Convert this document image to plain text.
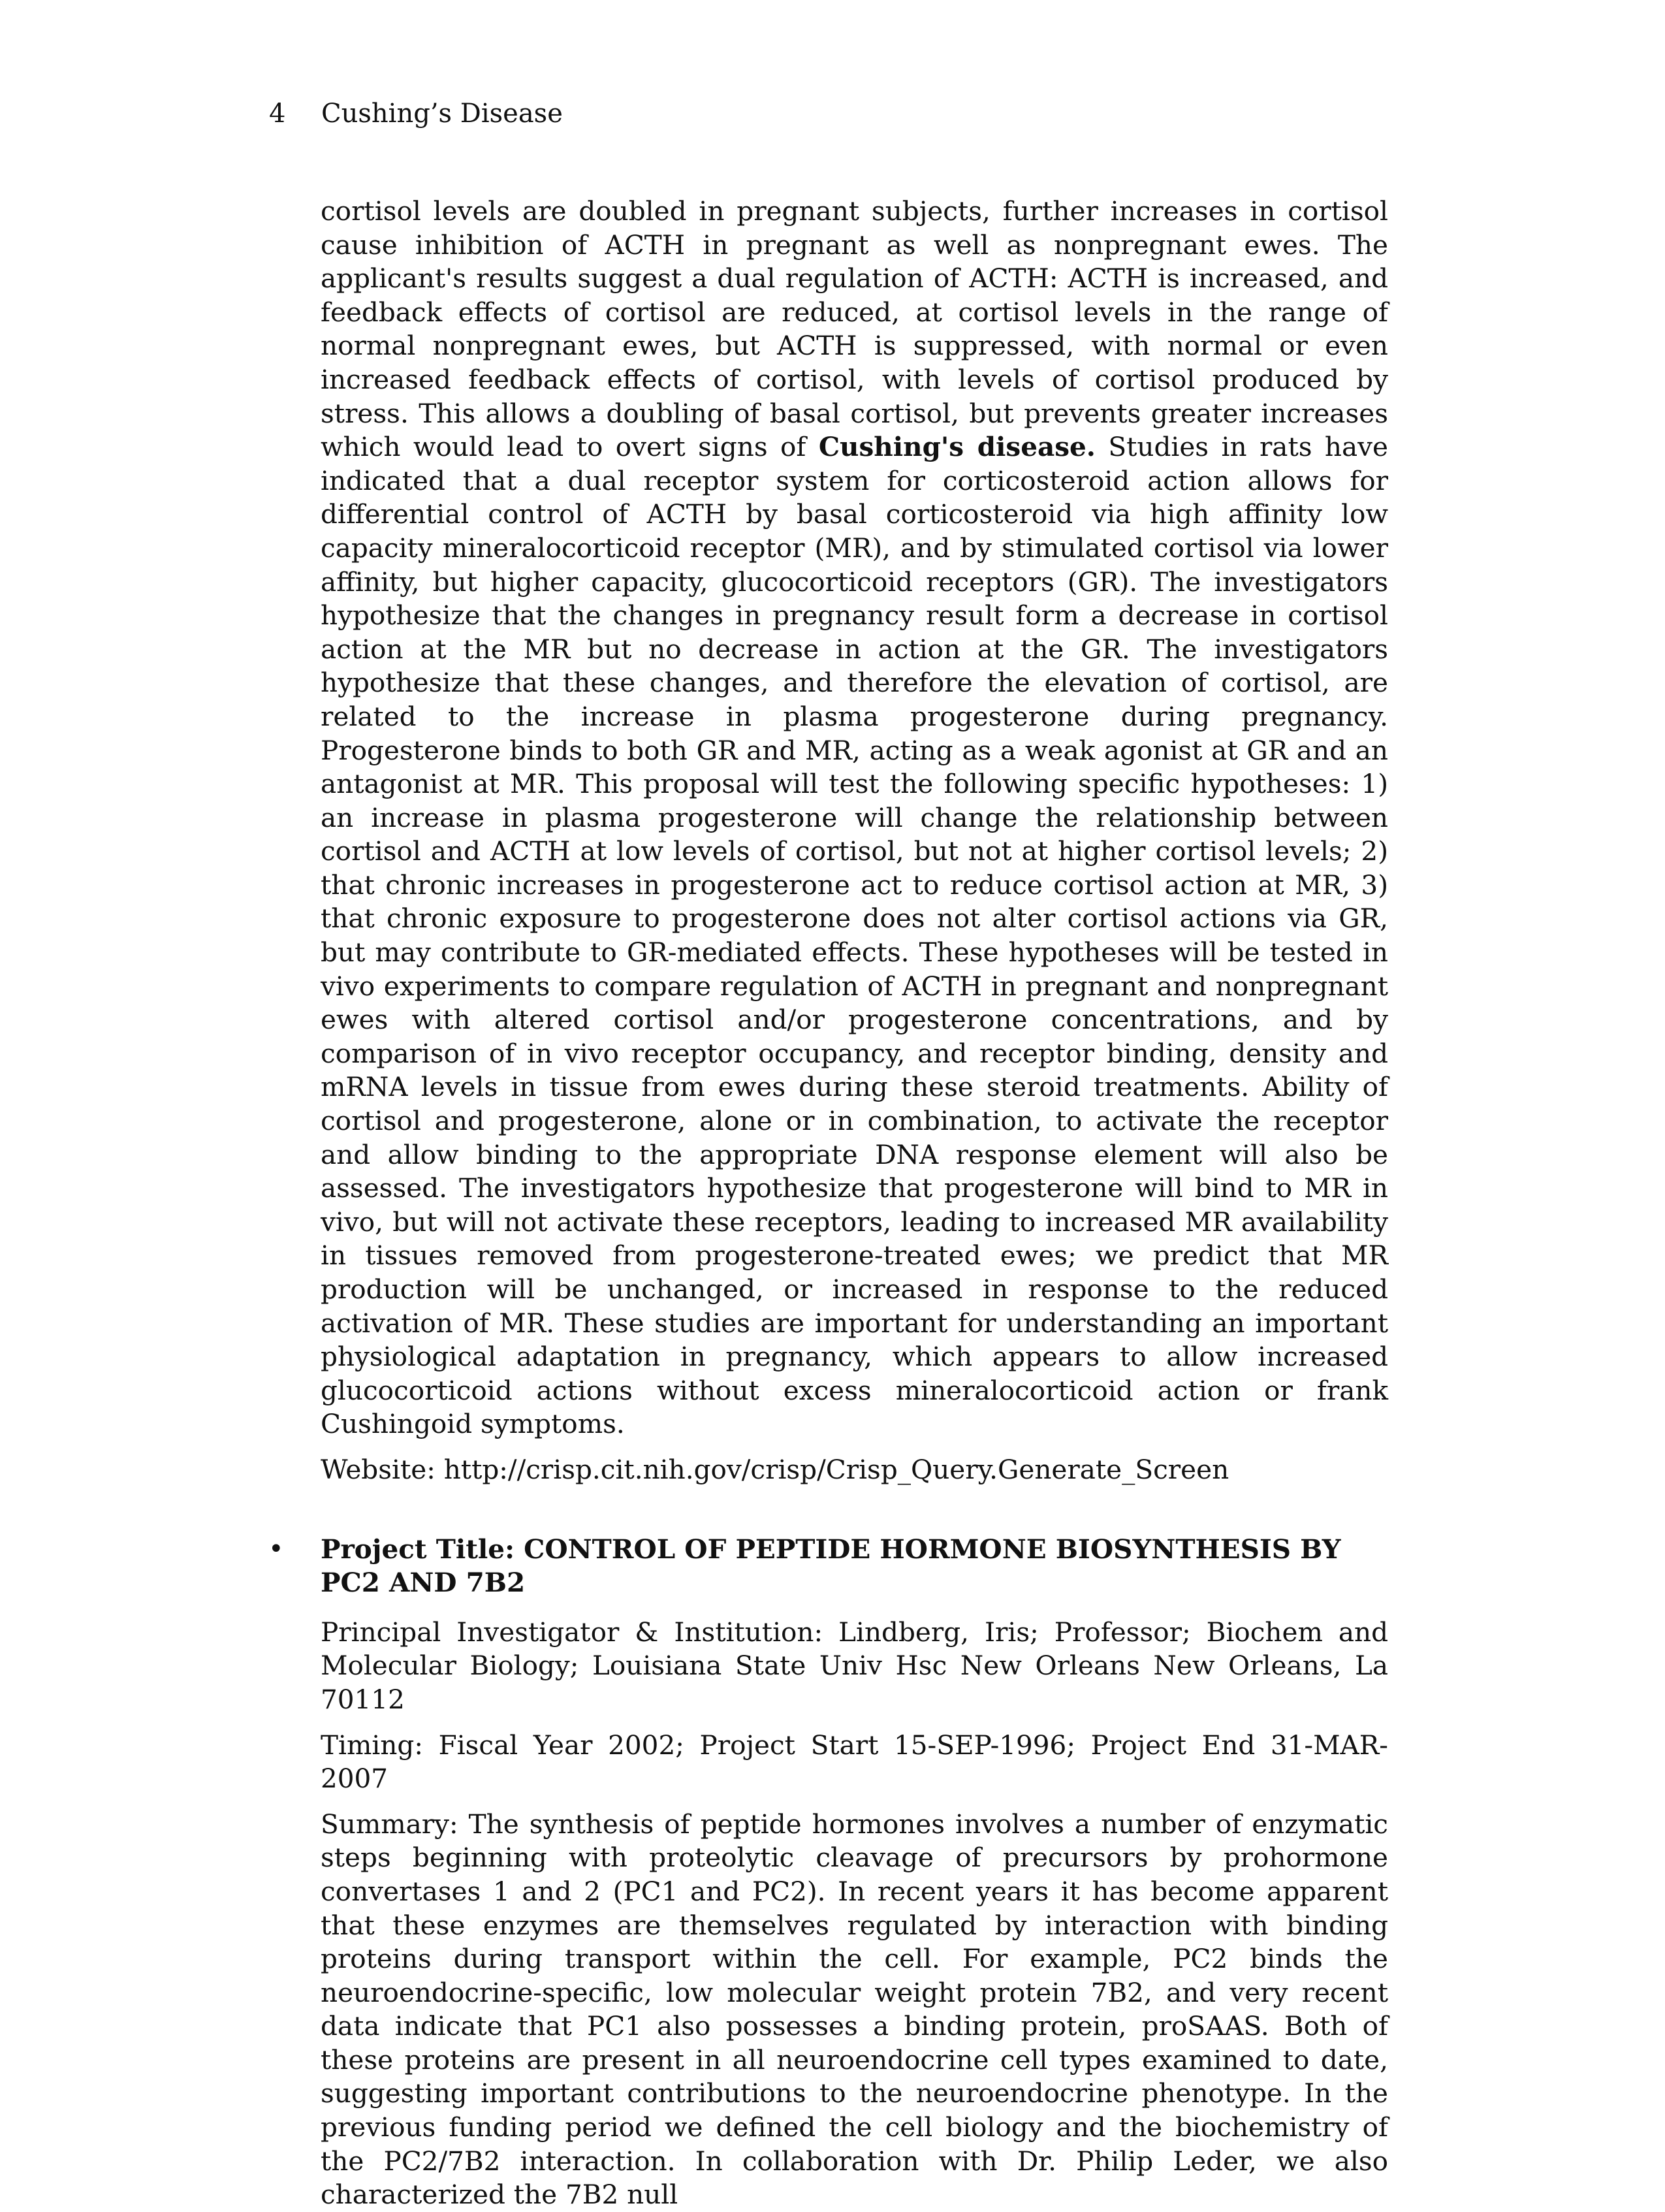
4 Cushing’s Disease

cortisol levels are doubled in pregnant subjects, further increases in cortisol cause inhibition of ACTH in pregnant as well as nonpregnant ewes. The applicant's results suggest a dual regulation of ACTH: ACTH is increased, and feedback effects of cortisol are reduced, at cortisol levels in the range of normal nonpregnant ewes, but ACTH is suppressed, with normal or even increased feedback effects of cortisol, with levels of cortisol produced by stress. This allows a doubling of basal cortisol, but prevents greater increases which would lead to overt signs of Cushing's disease. Studies in rats have indicated that a dual receptor system for corticosteroid action allows for differential control of ACTH by basal corticosteroid via high affinity low capacity mineralocorticoid receptor (MR), and by stimulated cortisol via lower affinity, but higher capacity, glucocorticoid receptors (GR). The investigators hypothesize that the changes in pregnancy result form a decrease in cortisol action at the MR but no decrease in action at the GR. The investigators hypothesize that these changes, and therefore the elevation of cortisol, are related to the increase in plasma progesterone during pregnancy. Progesterone binds to both GR and MR, acting as a weak agonist at GR and an antagonist at MR. This proposal will test the following specific hypotheses: 1) an increase in plasma progesterone will change the relationship between cortisol and ACTH at low levels of cortisol, but not at higher cortisol levels; 2) that chronic increases in progesterone act to reduce cortisol action at MR, 3) that chronic exposure to progesterone does not alter cortisol actions via GR, but may contribute to GR-mediated effects. These hypotheses will be tested in vivo experiments to compare regulation of ACTH in pregnant and nonpregnant ewes with altered cortisol and/or progesterone concentrations, and by comparison of in vivo receptor occupancy, and receptor binding, density and mRNA levels in tissue from ewes during these steroid treatments. Ability of cortisol and progesterone, alone or in combination, to activate the receptor and allow binding to the appropriate DNA response element will also be assessed. The investigators hypothesize that progesterone will bind to MR in vivo, but will not activate these receptors, leading to increased MR availability in tissues removed from progesterone-treated ewes; we predict that MR production will be unchanged, or increased in response to the reduced activation of MR. These studies are important for understanding an important physiological adaptation in pregnancy, which appears to allow increased glucocorticoid actions without excess mineralocorticoid action or frank Cushingoid symptoms.

Website: http://crisp.cit.nih.gov/crisp/Crisp_Query.Generate_Screen

•	Project Title: CONTROL OF PEPTIDE HORMONE BIOSYNTHESIS BY PC2 AND 7B2

Principal Investigator & Institution: Lindberg, Iris; Professor; Biochem and Molecular Biology; Louisiana State Univ Hsc New Orleans New Orleans, La 70112

Timing: Fiscal Year 2002; Project Start 15-SEP-1996; Project End 31-MAR-2007

Summary: The synthesis of peptide hormones involves a number of enzymatic steps beginning with proteolytic cleavage of precursors by prohormone convertases 1 and 2 (PC1 and PC2). In recent years it has become apparent that these enzymes are themselves regulated by interaction with binding proteins during transport within the cell. For example, PC2 binds the neuroendocrine-specific, low molecular weight protein 7B2, and very recent data indicate that PC1 also possesses a binding protein, proSAAS. Both of these proteins are present in all neuroendocrine cell types examined to date, suggesting important contributions to the neuroendocrine phenotype. In the previous funding period we defined the cell biology and the biochemistry of the PC2/7B2 interaction. In collaboration with Dr. Philip Leder, we also characterized the 7B2 null
